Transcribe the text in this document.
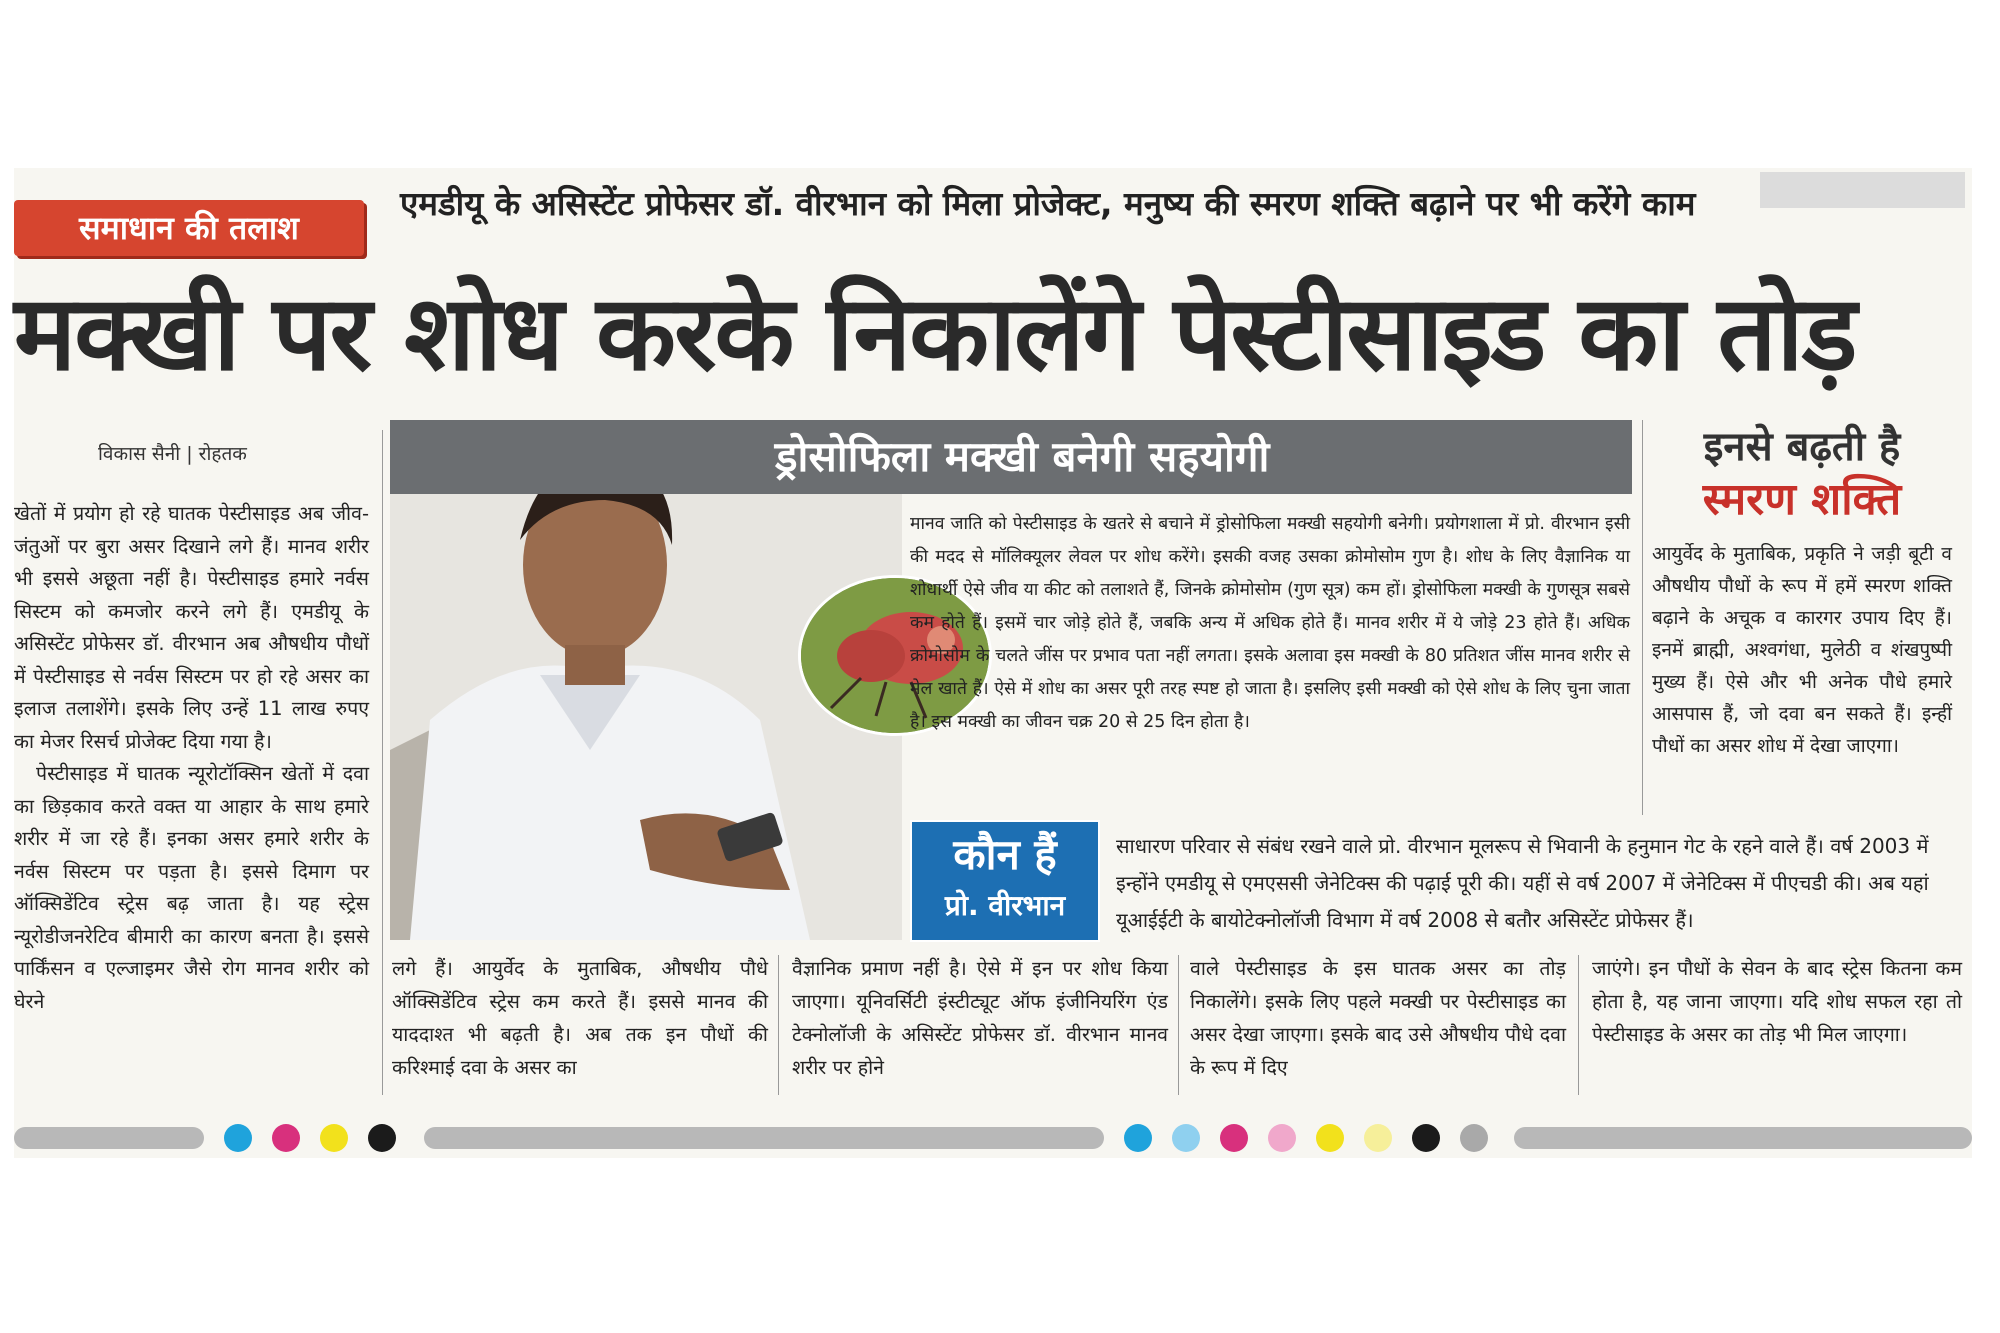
समाधान की तलाश
एमडीयू के असिस्टेंट प्रोफेसर डॉ. वीरभान को मिला प्रोजेक्ट, मनुष्य की स्मरण शक्ति बढ़ाने पर भी करेंगे काम
मक्खी पर शोध करके निकालेंगे पेस्टीसाइड का तोड़
विकास सैनी | रोहतक

खेतों में प्रयोग हो रहे घातक पेस्टीसाइड अब जीव-जंतुओं पर बुरा असर दिखाने लगे हैं। मानव शरीर भी इससे अछूता नहीं है। पेस्टीसाइड हमारे नर्वस सिस्टम को कमजोर करने लगे हैं। एमडीयू के असिस्टेंट प्रोफेसर डॉ. वीरभान अब औषधीय पौधों में पेस्टीसाइड से नर्वस सिस्टम पर हो रहे असर का इलाज तलाशेंगे। इसके लिए उन्हें 11 लाख रुपए का मेजर रिसर्च प्रोजेक्ट दिया गया है।

पेस्टीसाइड में घातक न्यूरोटॉक्सिन खेतों में दवा का छिड़काव करते वक्त या आहार के साथ हमारे शरीर में जा रहे हैं। इनका असर हमारे शरीर के नर्वस सिस्टम पर पड़ता है। इससे दिमाग पर ऑक्सिडेंटिव स्ट्रेस बढ़ जाता है। यह स्ट्रेस न्यूरोडीजनरेटिव बीमारी का कारण बनता है। इससे पार्किंसन व एल्जाइमर जैसे रोग मानव शरीर को घेरने

ड्रोसोफिला मक्खी बनेगी सहयोगी
मानव जाति को पेस्टीसाइड के खतरे से बचाने में ड्रोसोफिला मक्खी सहयोगी बनेगी। प्रयोगशाला में प्रो. वीरभान इसी की मदद से मॉलिक्यूलर लेवल पर शोध करेंगे। इसकी वजह उसका क्रोमोसोम गुण है। शोध के लिए वैज्ञानिक या शोधार्थी ऐसे जीव या कीट को तलाशते हैं, जिनके क्रोमोसोम (गुण सूत्र) कम हों। ड्रोसोफिला मक्खी के गुणसूत्र सबसे कम होते हैं। इसमें चार जोड़े होते हैं, जबकि अन्य में अधिक होते हैं। मानव शरीर में ये जोड़े 23 होते हैं। अधिक क्रोमोसोम के चलते जींस पर प्रभाव पता नहीं लगता। इसके अलावा इस मक्खी के 80 प्रतिशत जींस मानव शरीर से मेल खाते हैं। ऐसे में शोध का असर पूरी तरह स्पष्ट हो जाता है। इसलिए इसी मक्खी को ऐसे शोध के लिए चुना जाता है। इस मक्खी का जीवन चक्र 20 से 25 दिन होता है।
कौन हैं
प्रो. वीरभान
साधारण परिवार से संबंध रखने वाले प्रो. वीरभान मूलरूप से भिवानी के हनुमान गेट के रहने वाले हैं। वर्ष 2003 में इन्होंने एमडीयू से एमएससी जेनेटिक्स की पढ़ाई पूरी की। यहीं से वर्ष 2007 में जेनेटिक्स में पीएचडी की। अब यहां यूआईईटी के बायोटेक्नोलॉजी विभाग में वर्ष 2008 से बतौर असिस्टेंट प्रोफेसर हैं।
इनसे बढ़ती है
स्मरण शक्ति
आयुर्वेद के मुताबिक, प्रकृति ने जड़ी बूटी व औषधीय पौधों के रूप में हमें स्मरण शक्ति बढ़ाने के अचूक व कारगर उपाय दिए हैं। इनमें ब्राह्मी, अश्वगंधा, मुलेठी व शंखपुष्पी मुख्य हैं। ऐसे और भी अनेक पौधे हमारे आसपास हैं, जो दवा बन सकते हैं। इन्हीं पौधों का असर शोध में देखा जाएगा।
लगे हैं। आयुर्वेद के मुताबिक, औषधीय पौधे ऑक्सिडेंटिव स्ट्रेस कम करते हैं। इससे मानव की याददाश्त भी बढ़ती है। अब तक इन पौधों की करिश्माई दवा के असर का
वैज्ञानिक प्रमाण नहीं है। ऐसे में इन पर शोध किया जाएगा। यूनिवर्सिटी इंस्टीट्यूट ऑफ इंजीनियरिंग एंड टेक्नोलॉजी के असिस्टेंट प्रोफेसर डॉ. वीरभान मानव शरीर पर होने
वाले पेस्टीसाइड के इस घातक असर का तोड़ निकालेंगे। इसके लिए पहले मक्खी पर पेस्टीसाइड का असर देखा जाएगा। इसके बाद उसे औषधीय पौधे दवा के रूप में दिए
जाएंगे। इन पौधों के सेवन के बाद स्ट्रेस कितना कम होता है, यह जाना जाएगा। यदि शोध सफल रहा तो पेस्टीसाइड के असर का तोड़ भी मिल जाएगा।
